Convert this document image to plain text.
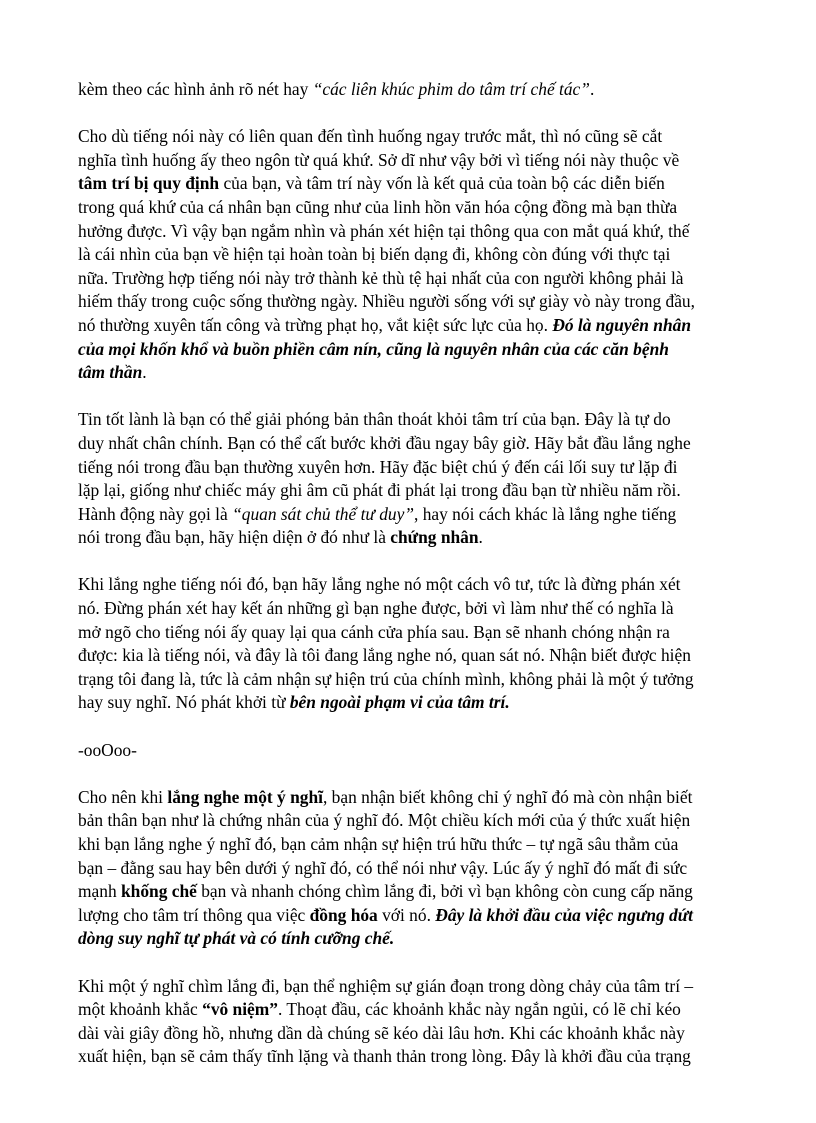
kèm theo các hình ảnh rõ nét hay “các liên khúc phim do tâm trí chế tác”.

Cho dù tiếng nói này có liên quan đến tình huống ngay trước mắt, thì nó cũng sẽ cắt
nghĩa tình huống ấy theo ngôn từ quá khứ. Sở dĩ như vậy bởi vì tiếng nói này thuộc về
tâm trí bị quy định của bạn, và tâm trí này vốn là kết quả của toàn bộ các diễn biến
trong quá khứ của cá nhân bạn cũng như của linh hồn văn hóa cộng đồng mà bạn thừa
hưởng được. Vì vậy bạn ngắm nhìn và phán xét hiện tại thông qua con mắt quá khứ, thế
là cái nhìn của bạn về hiện tại hoàn toàn bị biến dạng đi, không còn đúng với thực tại
nữa. Trường hợp tiếng nói này trở thành kẻ thù tệ hại nhất của con người không phải là
hiếm thấy trong cuộc sống thường ngày. Nhiều người sống với sự giày vò này trong đầu,
nó thường xuyên tấn công và trừng phạt họ, vắt kiệt sức lực của họ. Đó là nguyên nhân
của mọi khốn khổ và buồn phiền câm nín, cũng là nguyên nhân của các căn bệnh
tâm thần.

Tin tốt lành là bạn có thể giải phóng bản thân thoát khỏi tâm trí của bạn. Đây là tự do
duy nhất chân chính. Bạn có thể cất bước khởi đầu ngay bây giờ. Hãy bắt đầu lắng nghe
tiếng nói trong đầu bạn thường xuyên hơn. Hãy đặc biệt chú ý đến cái lối suy tư lặp đi
lặp lại, giống như chiếc máy ghi âm cũ phát đi phát lại trong đầu bạn từ nhiều năm rồi.
Hành động này gọi là “quan sát chủ thể tư duy”, hay nói cách khác là lắng nghe tiếng
nói trong đầu bạn, hãy hiện diện ở đó như là chứng nhân.

Khi lắng nghe tiếng nói đó, bạn hãy lắng nghe nó một cách vô tư, tức là đừng phán xét
nó. Đừng phán xét hay kết án những gì bạn nghe được, bởi vì làm như thế có nghĩa là
mở ngõ cho tiếng nói ấy quay lại qua cánh cửa phía sau. Bạn sẽ nhanh chóng nhận ra
được: kia là tiếng nói, và đây là tôi đang lắng nghe nó, quan sát nó. Nhận biết được hiện
trạng tôi đang là, tức là cảm nhận sự hiện trú của chính mình, không phải là một ý tưởng
hay suy nghĩ. Nó phát khởi từ bên ngoài phạm vi của tâm trí.

-ooOoo-

Cho nên khi lắng nghe một ý nghĩ, bạn nhận biết không chỉ ý nghĩ đó mà còn nhận biết
bản thân bạn như là chứng nhân của ý nghĩ đó. Một chiều kích mới của ý thức xuất hiện
khi bạn lắng nghe ý nghĩ đó, bạn cảm nhận sự hiện trú hữu thức – tự ngã sâu thẳm của
bạn – đằng sau hay bên dưới ý nghĩ đó, có thể nói như vậy. Lúc ấy ý nghĩ đó mất đi sức
mạnh khống chế bạn và nhanh chóng chìm lắng đi, bởi vì bạn không còn cung cấp năng
lượng cho tâm trí thông qua việc đồng hóa với nó. Đây là khởi đầu của việc ngưng dứt
dòng suy nghĩ tự phát và có tính cưỡng chế.

Khi một ý nghĩ chìm lắng đi, bạn thể nghiệm sự gián đoạn trong dòng chảy của tâm trí –
một khoảnh khắc “vô niệm”. Thoạt đầu, các khoảnh khắc này ngắn ngủi, có lẽ chỉ kéo
dài vài giây đồng hồ, nhưng dần dà chúng sẽ kéo dài lâu hơn. Khi các khoảnh khắc này
xuất hiện, bạn sẽ cảm thấy tĩnh lặng và thanh thản trong lòng. Đây là khởi đầu của trạng
